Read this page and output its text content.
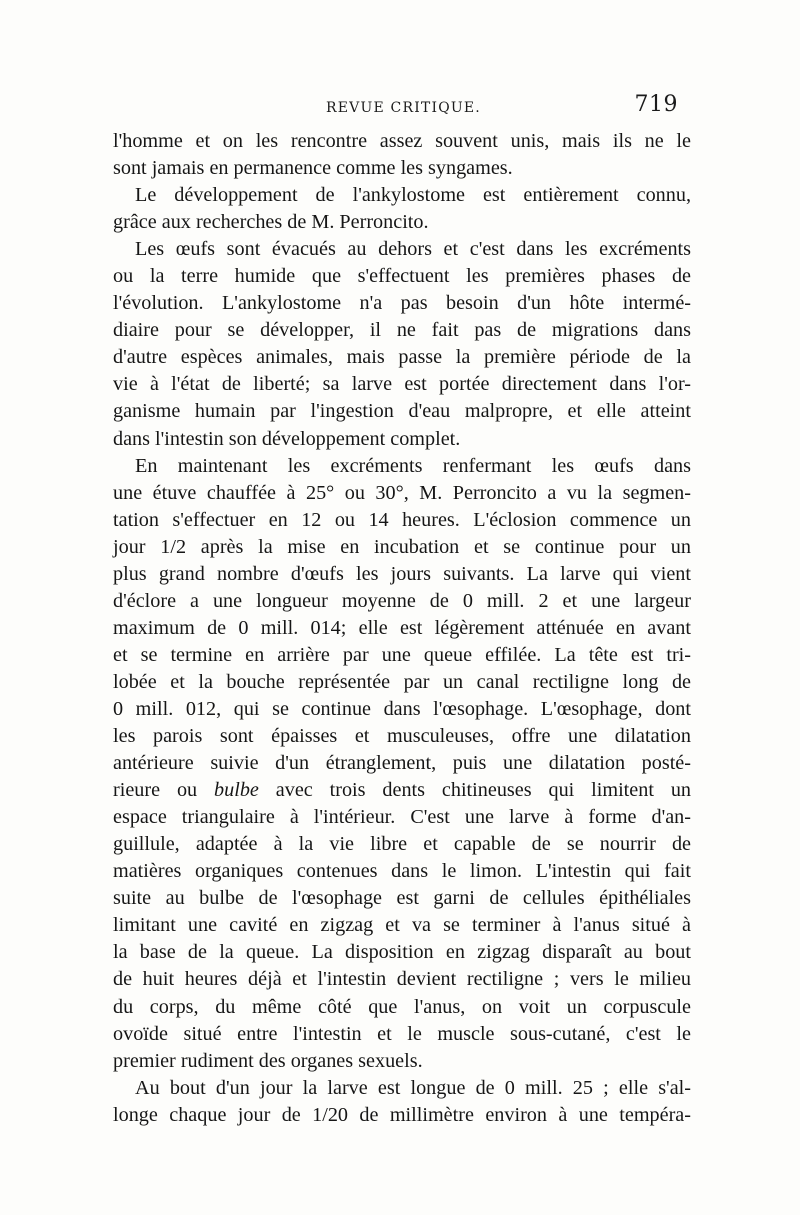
REVUE CRITIQUE.	719
l'homme et on les rencontre assez souvent unis, mais ils ne le
sont jamais en permanence comme les syngames.
Le développement de l'ankylostome est entièrement connu,
grâce aux recherches de M. Perroncito.
Les œufs sont évacués au dehors et c'est dans les excréments
ou la terre humide que s'effectuent les premières phases de
l'évolution. L'ankylostome n'a pas besoin d'un hôte intermé-
diaire pour se développer, il ne fait pas de migrations dans
d'autre espèces animales, mais passe la première période de la
vie à l'état de liberté; sa larve est portée directement dans l'or-
ganisme humain par l'ingestion d'eau malpropre, et elle atteint
dans l'intestin son développement complet.
En maintenant les excréments renfermant les œufs dans
une étuve chauffée à 25° ou 30°, M. Perroncito a vu la segmen-
tation s'effectuer en 12 ou 14 heures. L'éclosion commence un
jour 1/2 après la mise en incubation et se continue pour un
plus grand nombre d'œufs les jours suivants. La larve qui vient
d'éclore a une longueur moyenne de 0 mill. 2 et une largeur
maximum de 0 mill. 014; elle est légèrement atténuée en avant
et se termine en arrière par une queue effilée. La tête est tri-
lobée et la bouche représentée par un canal rectiligne long de
0 mill. 012, qui se continue dans l'œsophage. L'œsophage, dont
les parois sont épaisses et musculeuses, offre une dilatation
antérieure suivie d'un étranglement, puis une dilatation posté-
rieure ou bulbe avec trois dents chitineuses qui limitent un
espace triangulaire à l'intérieur. C'est une larve à forme d'an-
guillule, adaptée à la vie libre et capable de se nourrir de
matières organiques contenues dans le limon. L'intestin qui fait
suite au bulbe de l'œsophage est garni de cellules épithéliales
limitant une cavité en zigzag et va se terminer à l'anus situé à
la base de la queue. La disposition en zigzag disparaît au bout
de huit heures déjà et l'intestin devient rectiligne ; vers le milieu
du corps, du même côté que l'anus, on voit un corpuscule
ovoïde situé entre l'intestin et le muscle sous-cutané, c'est le
premier rudiment des organes sexuels.
Au bout d'un jour la larve est longue de 0 mill. 25 ; elle s'al-
longe chaque jour de 1/20 de millimètre environ à une tempéra-
